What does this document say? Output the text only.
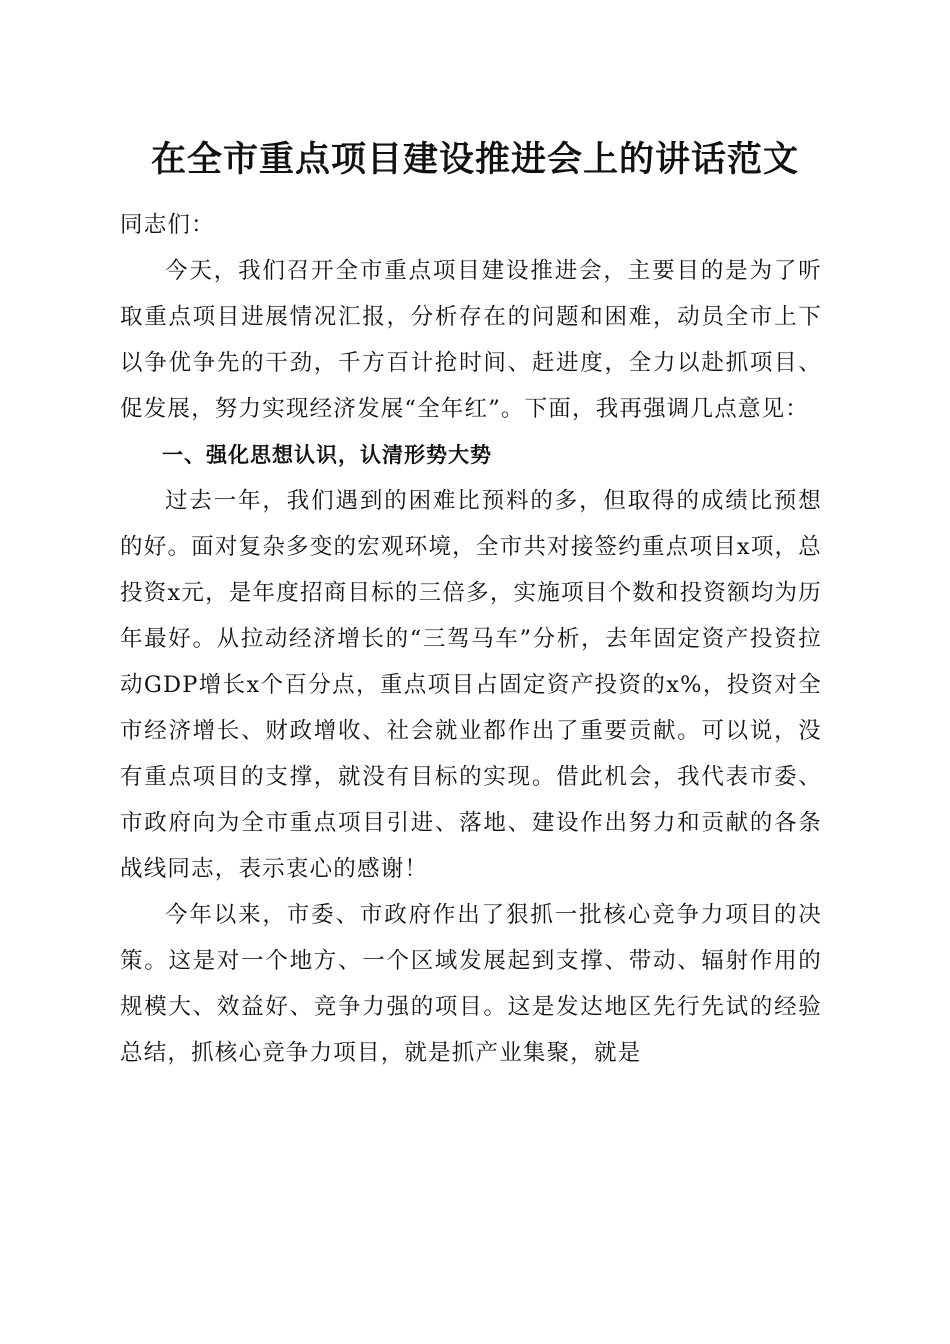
在全市重点项目建设推进会上的讲话范文

同志们：

今天，我们召开全市重点项目建设推进会，主要目的是为了听取重点项目进展情况汇报，分析存在的问题和困难，动员全市上下以争优争先的干劲，千方百计抢时间、赶进度，全力以赴抓项目、促发展，努力实现经济发展“全年红”。下面，我再强调几点意见：

一、强化思想认识，认清形势大势

过去一年，我们遇到的困难比预料的多，但取得的成绩比预想的好。面对复杂多变的宏观环境，全市共对接签约重点项目x项，总投资x元，是年度招商目标的三倍多，实施项目个数和投资额均为历年最好。从拉动经济增长的“三驾马车”分析，去年固定资产投资拉动GDP增长x个百分点，重点项目占固定资产投资的x%，投资对全市经济增长、财政增收、社会就业都作出了重要贡献。可以说，没有重点项目的支撑，就没有目标的实现。借此机会，我代表市委、市政府向为全市重点项目引进、落地、建设作出努力和贡献的各条战线同志，表示衷心的感谢！

今年以来，市委、市政府作出了狠抓一批核心竞争力项目的决策。这是对一个地方、一个区域发展起到支撑、带动、辐射作用的规模大、效益好、竞争力强的项目。这是发达地区先行先试的经验总结，抓核心竞争力项目，就是抓产业集聚，就是
